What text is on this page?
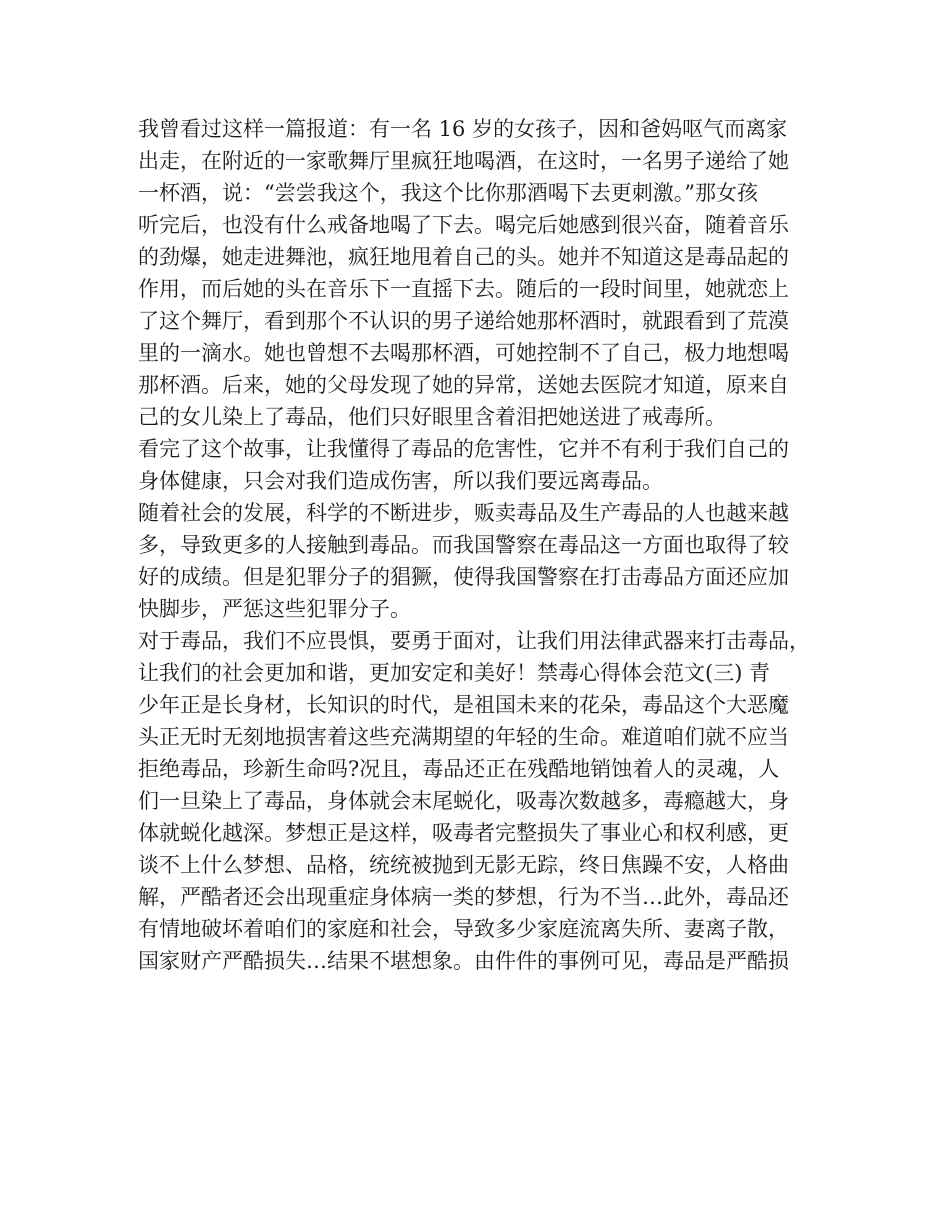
我曾看过这样一篇报道：有一名 16 岁的女孩子，因和爸妈呕气而离家
出走，在附近的一家歌舞厅里疯狂地喝酒，在这时，一名男子递给了她
一杯酒，说：“尝尝我这个，我这个比你那酒喝下去更刺激。”那女孩
听完后，也没有什么戒备地喝了下去。喝完后她感到很兴奋，随着音乐
的劲爆，她走进舞池，疯狂地甩着自己的头。她并不知道这是毒品起的
作用，而后她的头在音乐下一直摇下去。随后的一段时间里，她就恋上
了这个舞厅，看到那个不认识的男子递给她那杯酒时，就跟看到了荒漠
里的一滴水。她也曾想不去喝那杯酒，可她控制不了自己，极力地想喝
那杯酒。后来，她的父母发现了她的异常，送她去医院才知道，原来自
己的女儿染上了毒品，他们只好眼里含着泪把她送进了戒毒所。
看完了这个故事，让我懂得了毒品的危害性，它并不有利于我们自己的
身体健康，只会对我们造成伤害，所以我们要远离毒品。
随着社会的发展，科学的不断进步，贩卖毒品及生产毒品的人也越来越
多，导致更多的人接触到毒品。而我国警察在毒品这一方面也取得了较
好的成绩。但是犯罪分子的猖獗，使得我国警察在打击毒品方面还应加
快脚步，严惩这些犯罪分子。
对于毒品，我们不应畏惧，要勇于面对，让我们用法律武器来打击毒品，
让我们的社会更加和谐，更加安定和美好！禁毒心得体会范文(三) 青
少年正是长身材，长知识的时代，是祖国未来的花朵，毒品这个大恶魔
头正无时无刻地损害着这些充满期望的年轻的生命。难道咱们就不应当
拒绝毒品，珍新生命吗?况且，毒品还正在残酷地销蚀着人的灵魂，人
们一旦染上了毒品，身体就会末尾蜕化，吸毒次数越多，毒瘾越大，身
体就蜕化越深。梦想正是这样，吸毒者完整损失了事业心和权利感，更
谈不上什么梦想、品格，统统被抛到无影无踪，终日焦躁不安，人格曲
解，严酷者还会出现重症身体病一类的梦想，行为不当…此外，毒品还
有情地破坏着咱们的家庭和社会，导致多少家庭流离失所、妻离子散，
国家财产严酷损失…结果不堪想象。由件件的事例可见，毒品是严酷损
